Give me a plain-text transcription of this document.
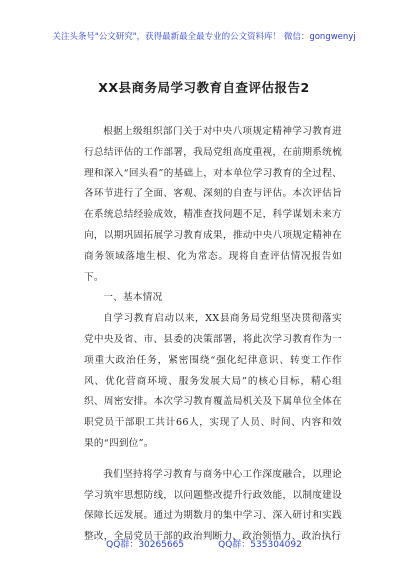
关注头条号"公文研究"，获得最新最全最专业的公文资料库！ 微信：gongwenyj
XX县商务局学习教育自查评估报告2

根据上级组织部门关于对中央八项规定精神学习教育进行总结评估的工作部署，我局党组高度重视，在前期系统梳理和深入“回头看”的基础上，对本单位学习教育的全过程、各环节进行了全面、客观、深刻的自查与评估。本次评估旨在系统总结经验成效，精准查找问题不足，科学谋划未来方向，以期巩固拓展学习教育成果，推动中央八项规定精神在商务领域落地生根、化为常态。现将自查评估情况报告如下。

一、基本情况

自学习教育启动以来，XX县商务局党组坚决贯彻落实党中央及省、市、县委的决策部署，将此次学习教育作为一项重大政治任务，紧密围绕“强化纪律意识、转变工作作风、优化营商环境、服务发展大局”的核心目标，精心组织、周密安排。本次学习教育覆盖局机关及下属单位全体在职党员干部职工共计66人，实现了人员、时间、内容和效果的“四到位”。

我们坚持将学习教育与商务中心工作深度融合，以理论学习筑牢思想防线，以问题整改提升行政效能，以制度建设保障长远发展。通过为期数月的集中学习、深入研讨和实践整改，全局党员干部的政治判断力、政治领悟力、政治执行

QQ群：30265665	QQ群：535304092
